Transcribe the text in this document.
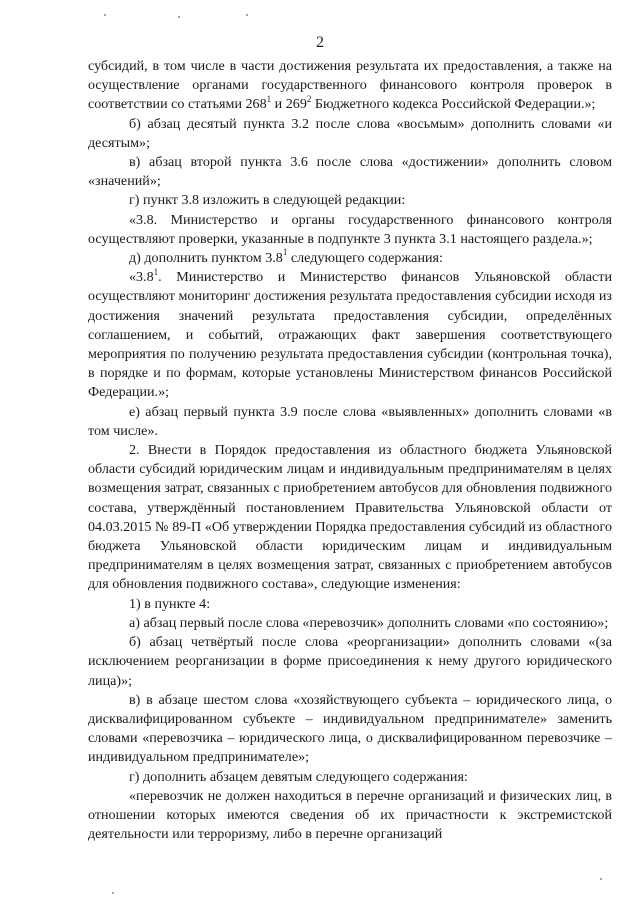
2

субсидий, в том числе в части достижения результата их предоставления, а также на осуществление органами государственного финансового контроля проверок в соответствии со статьями $268^1$ и $269^2$ Бюджетного кодекса Российской Федерации.»;

б) абзац десятый пункта 3.2 после слова «восьмым» дополнить словами «и десятым»;

в) абзац второй пункта 3.6 после слова «достижении» дополнить словом «значений»;

г) пункт 3.8 изложить в следующей редакции:

«3.8. Министерство и органы государственного финансового контроля осуществляют проверки, указанные в подпункте 3 пункта 3.1 настоящего раздела.»;

д) дополнить пунктом $3.8^1$ следующего содержания:

«$3.8^1$. Министерство и Министерство финансов Ульяновской области осуществляют мониторинг достижения результата предоставления субсидии исходя из достижения значений результата предоставления субсидии, определённых соглашением, и событий, отражающих факт завершения соответствующего мероприятия по получению результата предоставления субсидии (контрольная точка), в порядке и по формам, которые установлены Министерством финансов Российской Федерации.»;

е) абзац первый пункта 3.9 после слова «выявленных» дополнить словами «в том числе».

2. Внести в Порядок предоставления из областного бюджета Ульяновской области субсидий юридическим лицам и индивидуальным предпринимателям в целях возмещения затрат, связанных с приобретением автобусов для обновления подвижного состава, утверждённый постановлением Правительства Ульяновской области от 04.03.2015 № 89-П «Об утверждении Порядка предоставления субсидий из областного бюджета Ульяновской области юридическим лицам и индивидуальным предпринимателям в целях возмещения затрат, связанных с приобретением автобусов для обновления подвижного состава», следующие изменения:

1) в пункте 4:

а) абзац первый после слова «перевозчик» дополнить словами «по состоянию»;

б) абзац четвёртый после слова «реорганизации» дополнить словами «(за исключением реорганизации в форме присоединения к нему другого юридического лица)»;

в) в абзаце шестом слова «хозяйствующего субъекта – юридического лица, о дисквалифицированном субъекте – индивидуальном предпринимателе» заменить словами «перевозчика – юридического лица, о дисквалифицированном перевозчике – индивидуальном предпринимателе»;

г) дополнить абзацем девятым следующего содержания:

«перевозчик не должен находиться в перечне организаций и физических лиц, в отношении которых имеются сведения об их причастности к экстремистской деятельности или терроризму, либо в перечне организаций
